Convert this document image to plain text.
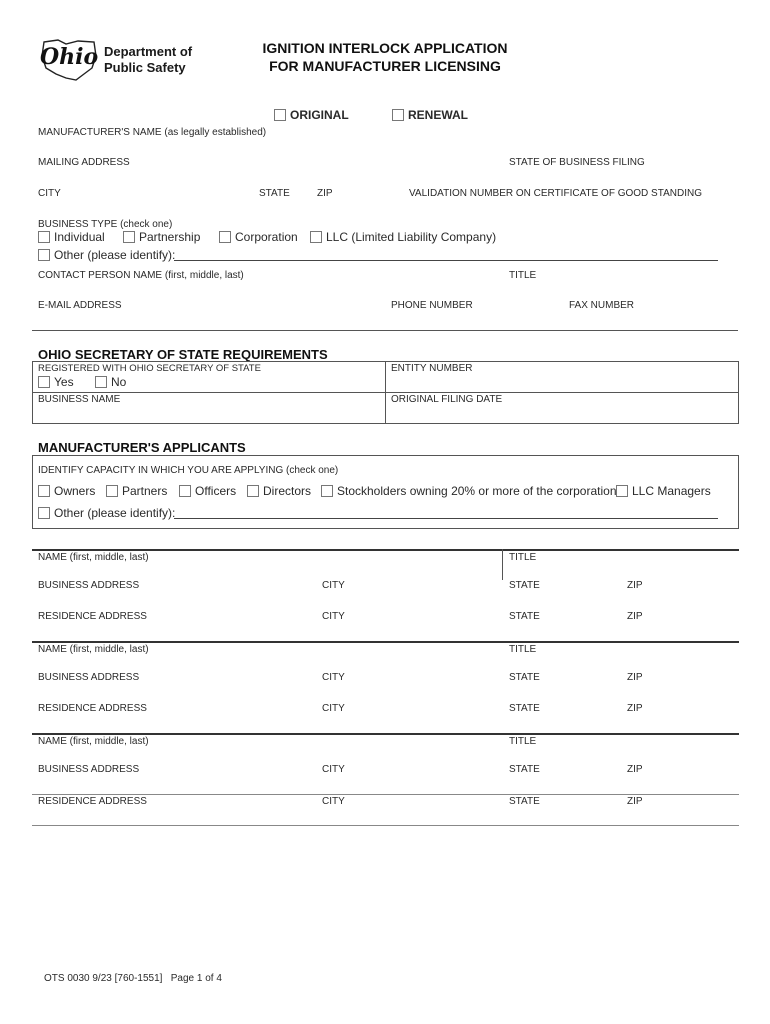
Ohio Department of
Public Safety
IGNITION INTERLOCK APPLICATION
FOR MANUFACTURER LICENSING
ORIGINAL	RENEWAL
MANUFACTURER'S NAME (as legally established)
MAILING ADDRESS	STATE OF BUSINESS FILING
CITY	STATE	ZIP	VALIDATION NUMBER ON CERTIFICATE OF GOOD STANDING
BUSINESS TYPE (check one)
Individual	Partnership	Corporation LLC (Limited Liability Company)
Other (please identify):
CONTACT PERSON NAME (first, middle, last)	TITLE
E-MAIL ADDRESS	PHONE NUMBER	FAX NUMBER
OHIO SECRETARY OF STATE REQUIREMENTS
REGISTERED WITH OHIO SECRETARY OF STATE
Yes	No
ENTITY NUMBER
BUSINESS NAME	ORIGINAL FILING DATE
MANUFACTURER'S APPLICANTS
IDENTIFY CAPACITY IN WHICH YOU ARE APPLYING (check one)
Owners Partners Officers Directors Stockholders owning 20% or more of the corporation LLC Managers
Other (please identify):
NAME (first, middle, last)	TITLE
BUSINESS ADDRESS	CITY	STATE	ZIP
RESIDENCE ADDRESS	CITY	STATE	ZIP
NAME (first, middle, last)	TITLE
BUSINESS ADDRESS	CITY	STATE	ZIP
RESIDENCE ADDRESS	CITY	STATE	ZIP
NAME (first, middle, last)	TITLE
BUSINESS ADDRESS	CITY	STATE	ZIP
RESIDENCE ADDRESS	CITY	STATE	ZIP
OTS 0030 9/23 [760-1551]   Page 1 of 4
